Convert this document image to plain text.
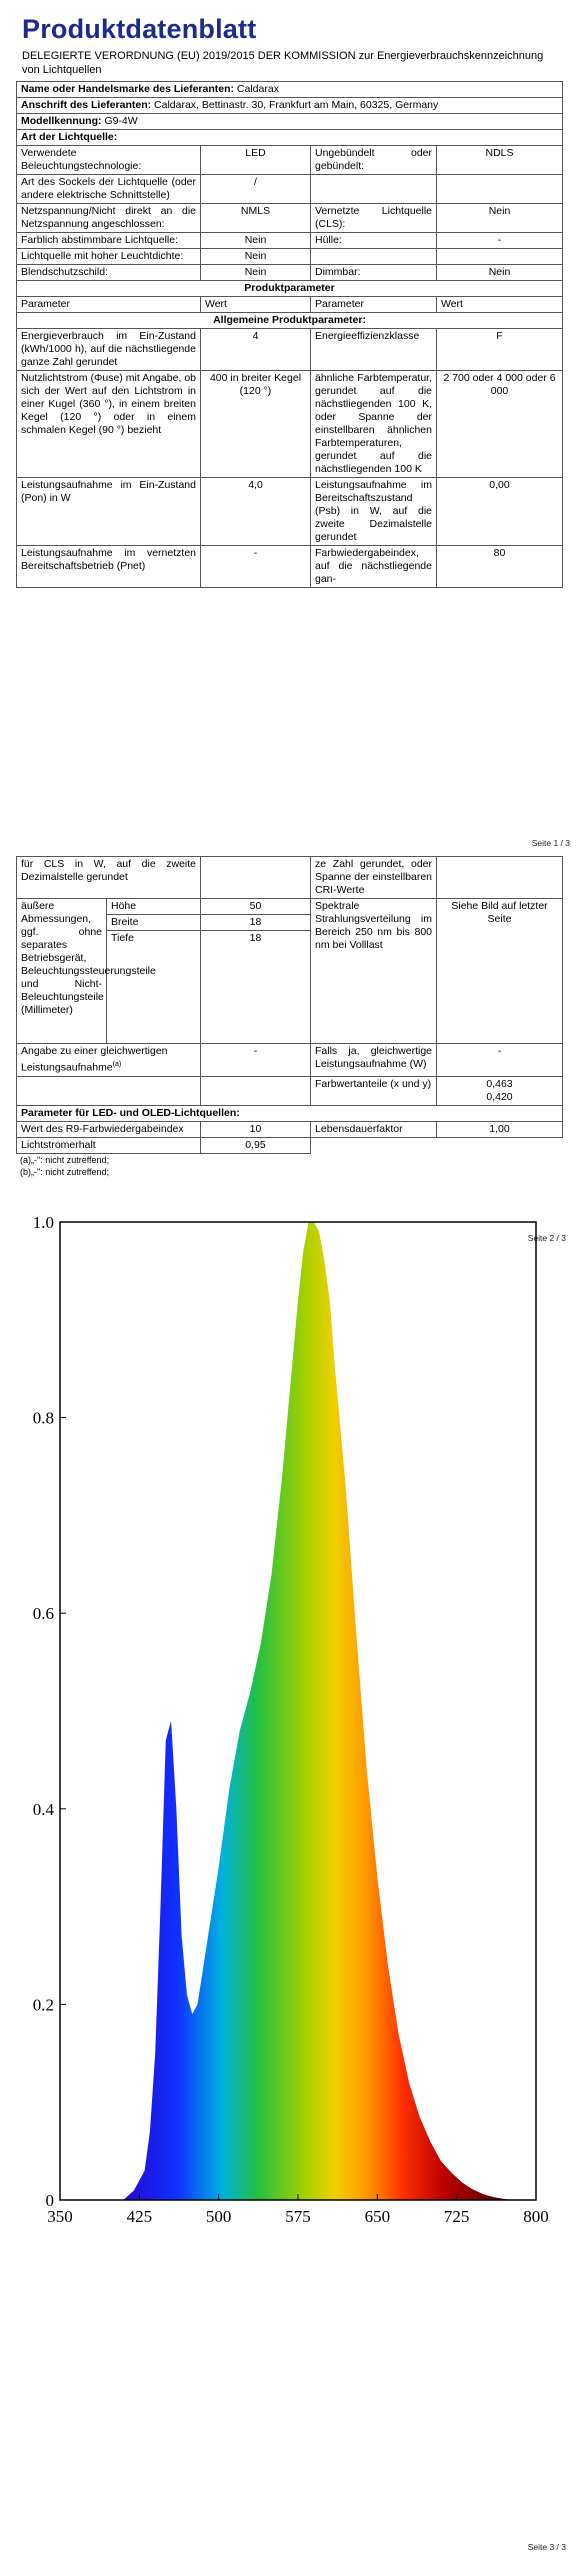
Produktdatenblatt
DELEGIERTE VERORDNUNG (EU) 2019/2015 DER KOMMISSION zur Energieverbrauchskennzeichnung von Lichtquellen
Name oder Handelsmarke des Lieferanten: Caldarax			
Anschrift des Lieferanten: Caldarax, Bettinastr. 30, Frankfurt am Main, 60325, Germany			
Modellkennung: G9-4W			
Art der Lichtquelle:			
Verwendete Beleuchtungstechnologie:	LED	Ungebündelt oder gebündelt:	NDLS
Art des Sockels der Lichtquelle (oder andere elektrische Schnittstelle)	/		
Netzspannung/Nicht direkt an die Netzspannung angeschlossen:	NMLS	Vernetzte Lichtquelle (CLS):	Nein
Farblich abstimmbare Lichtquelle:	Nein	Hülle:	-
Lichtquelle mit hoher Leuchtdichte:	Nein		
Blendschutzschild:	Nein	Dimmbar:	Nein
Produktparameter			
Parameter	Wert	Parameter	Wert
Allgemeine Produktparameter:			
Energieverbrauch im Ein-Zustand (kWh/1000 h), auf die nächstliegende ganze Zahl gerundet	4	Energieeffizienzklasse	F
Nutzlichtstrom (Φuse) mit Angabe, ob sich der Wert auf den Lichtstrom in einer Kugel (360 °), in einem breiten Kegel (120 °) oder in einem schmalen Kegel (90 °) bezieht	400 in breiter Kegel (120 °)	ähnliche Farbtemperatur, gerundet auf die nächstliegenden 100 K, oder Spanne der einstellbaren ähnlichen Farbtemperaturen, gerundet auf die nächstliegenden 100 K	2 700 oder 4 000 oder 6 000
Leistungsaufnahme im Ein-Zustand (Pon) in W	4,0	Leistungsaufnahme im Bereitschaftszustand (Psb) in W, auf die zweite Dezimalstelle gerundet	0,00
Leistungsaufnahme im vernetzten Bereitschaftsbetrieb (Pnet)	-	Farbwiedergabeindex, auf die nächstliegende gan-	80
Seite 1 / 3
für CLS in W, auf die zweite Dezimalstelle gerundet			ze Zahl gerundet, oder Spanne der einstellbaren CRI-Werte	
äußere Abmessungen, ggf. ohne separates Betriebsgerät, Beleuchtungssteuerungsteile und Nicht-Beleuchtungsteile (Millimeter)	Höhe	50	Spektrale Strahlungsverteilung im Bereich 250 nm bis 800 nm bei Volllast	Siehe Bild auf letzter Seite
	Breite	18		
	Tiefe	18		
Angabe zu einer gleichwertigen Leistungsaufnahme$^{(a)}$		-	Falls ja, gleichwertige Leistungsaufnahme (W)	-
			Farbwertanteile (x und y)	0,463
0,420
Parameter für LED- und OLED-Lichtquellen:				
Wert des R9-Farbwiedergabeindex		10	Lebensdauerfaktor	1,00
Lichtstromerhalt		0,95		
(a)„-": nicht zutreffend;
(b)„-": nicht zutreffend;
Seite 2 / 3
0
0.2
0.4
0.6
0.8
1.0
350	425	500	575	650	725	800
Seite 3 / 3
